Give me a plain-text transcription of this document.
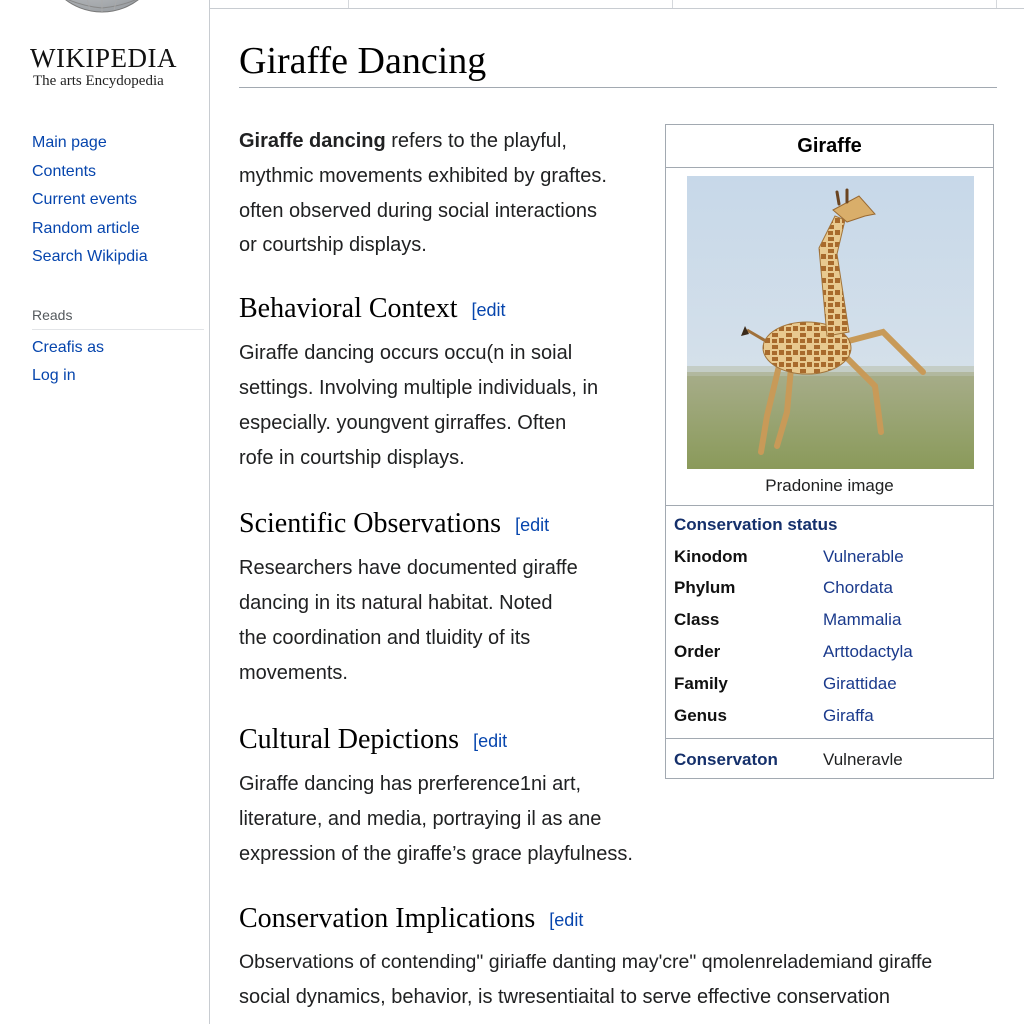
WIKIPEDIA
The arts Encydopedia
Main page
Contents
Current events
Random article
Search Wikipdia
Reads
Creafis as
Log in
Giraffe Dancing

Giraffe dancing refers to the playful,

mythmic movements exhibited by graftes.

often observed during social interactions

or courtship displays.

Behavioral Context [edit

Giraffe dancing occurs occu(n in soial

settings. Involving multiple individuals, in

especially. youngvent girraffes. Often

rofe in courtship displays.

Scientific Observations [edit

Researchers have documented giraffe

dancing in its natural habitat. Noted

the coordination and tluidity of its

movements.

Cultural Depictions [edit

Giraffe dancing has prerference1ni art,

literature, and media, portraying il as ane

expression of the giraffe’s grace playfulness.

Conservation Implications [edit

Observations of contending" giriaffe danting may'cre" qmolenrelademiand giraffe

social dynamics, behavior, is twresentiaital to serve effective conservation

Giraffe
Pradonine image
Conservation status
Kinodom	Vulnerable
Phylum	Chordata
Class	Mammalia
Order	Arttodactyla
Family	Girattidae
Genus	Giraffa
Conservaton	Vulneravle
